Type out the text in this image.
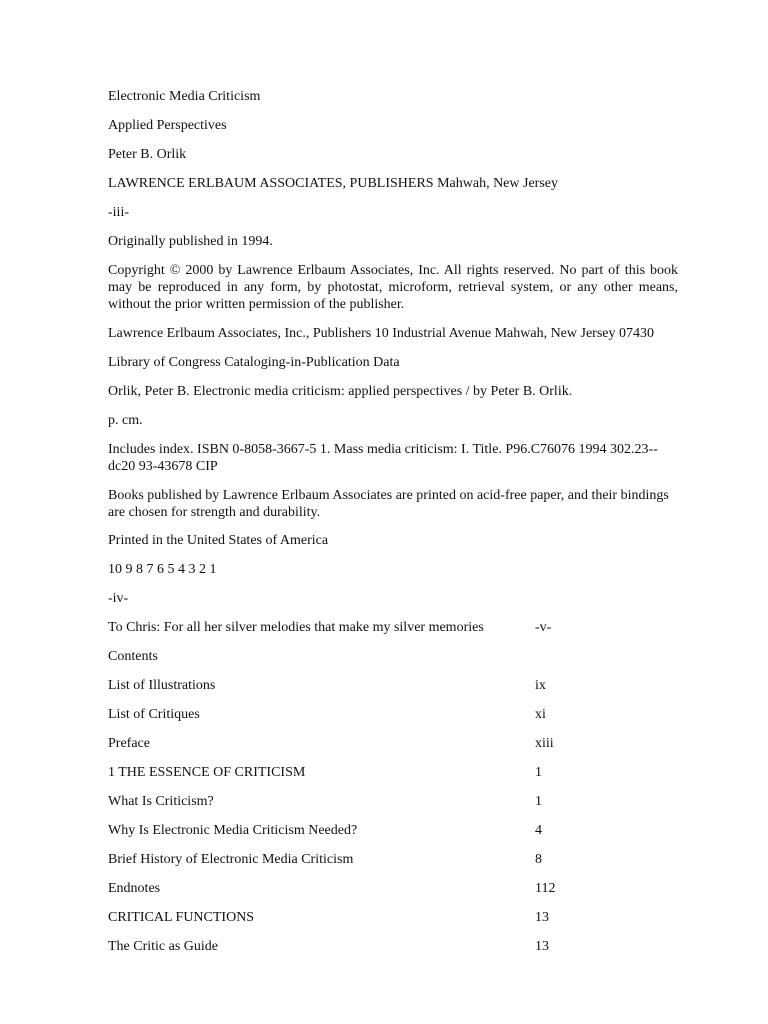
Electronic Media Criticism

Applied Perspectives

Peter B. Orlik

LAWRENCE ERLBAUM ASSOCIATES, PUBLISHERS Mahwah, New Jersey

-iii-

Originally published in 1994.

Copyright © 2000 by Lawrence Erlbaum Associates, Inc. All rights reserved. No part of this book may be reproduced in any form, by photostat, microform, retrieval system, or any other means, without the prior written permission of the publisher.

Lawrence Erlbaum Associates, Inc., Publishers 10 Industrial Avenue Mahwah, New Jersey 07430

Library of Congress Cataloging-in-Publication Data

Orlik, Peter B. Electronic media criticism: applied perspectives / by Peter B. Orlik.

p. cm.

Includes index. ISBN 0-8058-3667-5 1. Mass media criticism: I. Title. P96.C76076 1994 302.23--dc20 93-43678 CIP

Books published by Lawrence Erlbaum Associates are printed on acid-free paper, and their bindings are chosen for strength and durability.

Printed in the United States of America

10 9 8 7 6 5 4 3 2 1

-iv-

To Chris: For all her silver melodies that make my silver memories	-v-

Contents

List of Illustrations	ix
List of Critiques	xi
Preface	xiii
1 THE ESSENCE OF CRITICISM	1
What Is Criticism?	1
Why Is Electronic Media Criticism Needed?	4
Brief History of Electronic Media Criticism	8
Endnotes	112
CRITICAL FUNCTIONS	13
The Critic as Guide	13
